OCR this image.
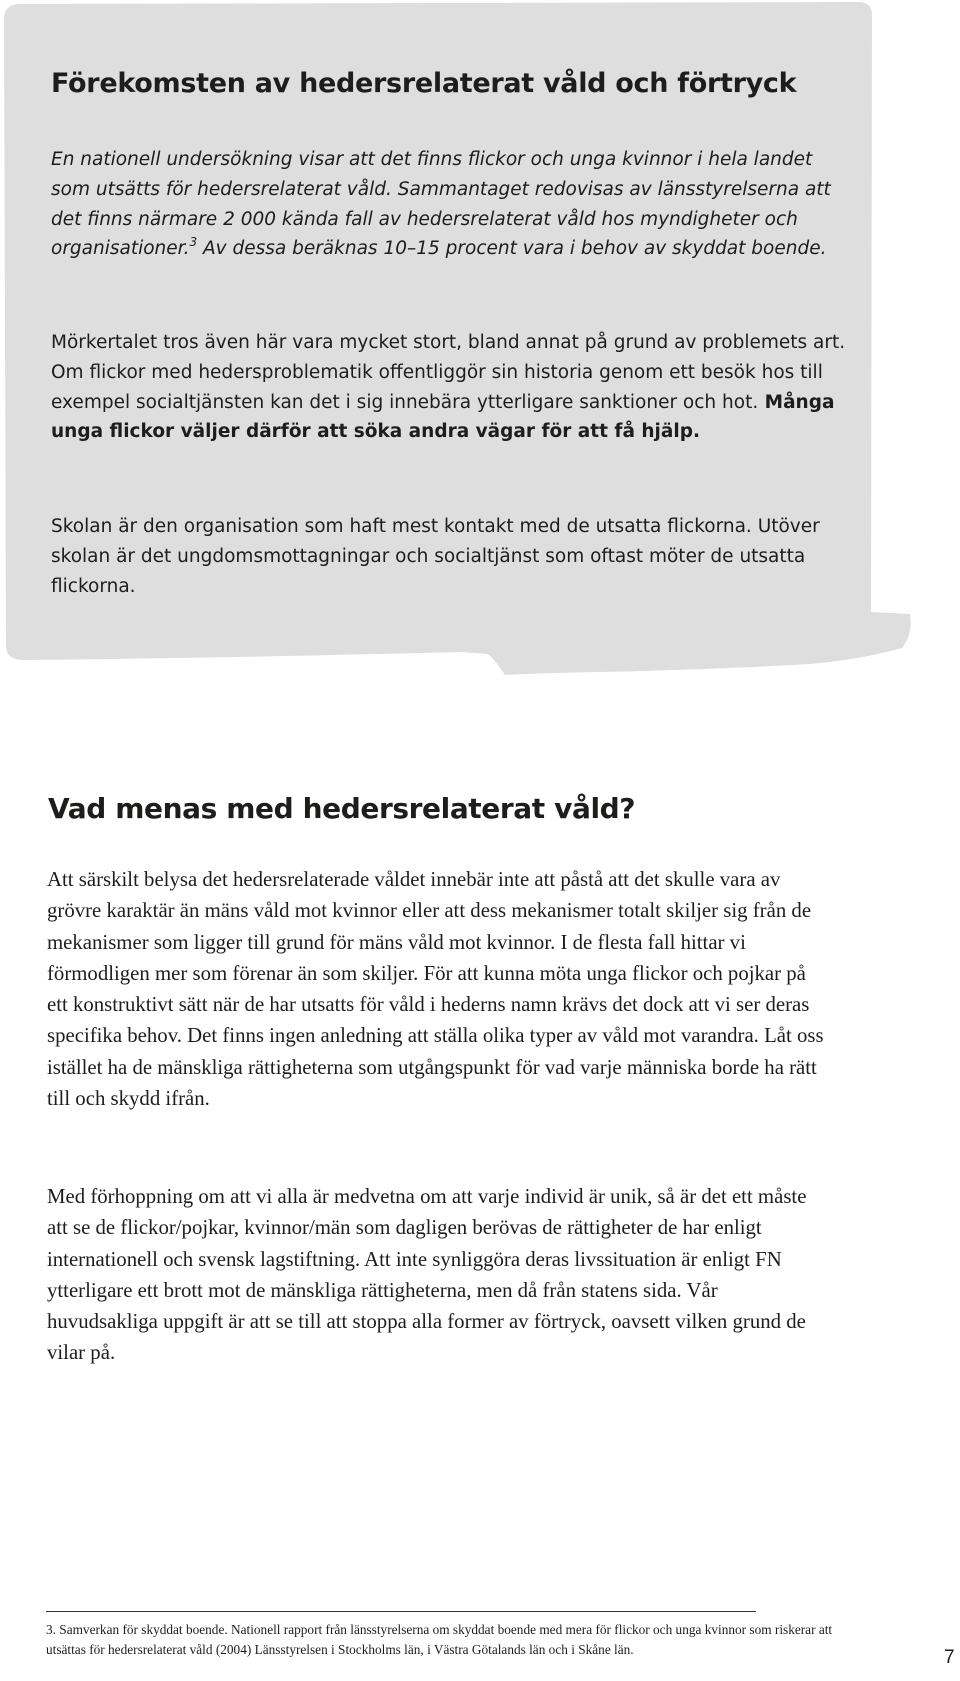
Förekomsten av hedersrelaterat våld och förtryck

En nationell undersökning visar att det finns flickor och unga kvinnor i hela landet som utsätts för hedersrelaterat våld. Sammantaget redovisas av länsstyrelserna att det finns närmare 2 000 kända fall av hedersrelaterat våld hos myndigheter och organisationer.$^3$ Av dessa beräknas 10–15 procent vara i behov av skyddat boende.

Mörkertalet tros även här vara mycket stort, bland annat på grund av problemets art. Om flickor med hedersproblematik offentliggör sin historia genom ett besök hos till exempel socialtjänsten kan det i sig innebära ytterligare sanktioner och hot. Många unga flickor väljer därför att söka andra vägar för att få hjälp.

Skolan är den organisation som haft mest kontakt med de utsatta flickorna. Utöver skolan är det ungdomsmottagningar och socialtjänst som oftast möter de utsatta flickorna.

Vad menas med hedersrelaterat våld?

Att särskilt belysa det hedersrelaterade våldet innebär inte att påstå att det skulle vara av grövre karaktär än mäns våld mot kvinnor eller att dess mekanismer totalt skiljer sig från de mekanismer som ligger till grund för mäns våld mot kvinnor. I de flesta fall hittar vi förmodligen mer som förenar än som skiljer. För att kunna möta unga flickor och pojkar på ett konstruktivt sätt när de har utsatts för våld i hederns namn krävs det dock att vi ser deras specifika behov. Det finns ingen anledning att ställa olika typer av våld mot varandra. Låt oss istället ha de mänskliga rättigheterna som utgångspunkt för vad varje människa borde ha rätt till och skydd ifrån.

Med förhoppning om att vi alla är medvetna om att varje individ är unik, så är det ett måste att se de flickor/pojkar, kvinnor/män som dagligen berövas de rättigheter de har enligt internationell och svensk lagstiftning. Att inte synliggöra deras livssituation är enligt FN ytterligare ett brott mot de mänskliga rättigheterna, men då från statens sida. Vår huvudsakliga uppgift är att se till att stoppa alla former av förtryck, oavsett vilken grund de vilar på.

3. Samverkan för skyddat boende. Nationell rapport från länsstyrelserna om skyddat boende med mera för flickor och unga kvinnor som riskerar att utsättas för hedersrelaterat våld (2004) Länsstyrelsen i Stockholms län, i Västra Götalands län och i Skåne län.	7
